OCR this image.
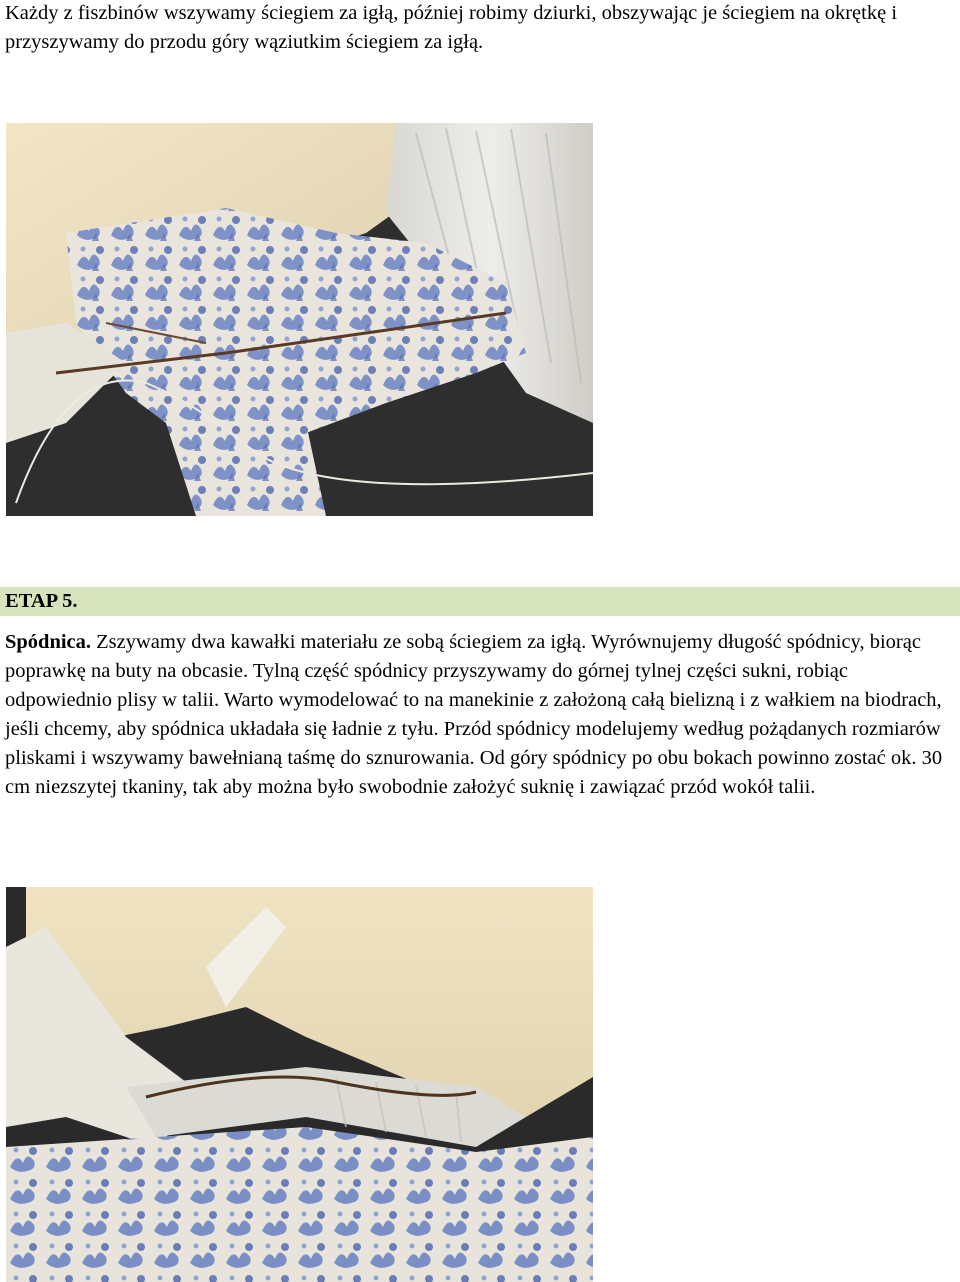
Każdy z fiszbinów wszywamy ściegiem za igłą, później robimy dziurki, obszywając je ściegiem na okrętkę i przyszywamy do przodu góry wąziutkim ściegiem za igłą.

ETAP 5.

Spódnica. Zszywamy dwa kawałki materiału ze sobą ściegiem za igłą. Wyrównujemy długość spódnicy, biorąc poprawkę na buty na obcasie. Tylną część spódnicy przyszywamy do górnej tylnej części sukni, robiąc odpowiednio plisy w talii. Warto wymodelować to na manekinie z założoną całą bielizną i z wałkiem na biodrach, jeśli chcemy, aby spódnica układała się ładnie z tyłu. Przód spódnicy modelujemy według pożądanych rozmiarów pliskami i wszywamy bawełnianą taśmę do sznurowania. Od góry spódnicy po obu bokach powinno zostać ok. 30 cm niezszytej tkaniny, tak aby można było swobodnie założyć suknię i zawiązać przód wokół talii.
